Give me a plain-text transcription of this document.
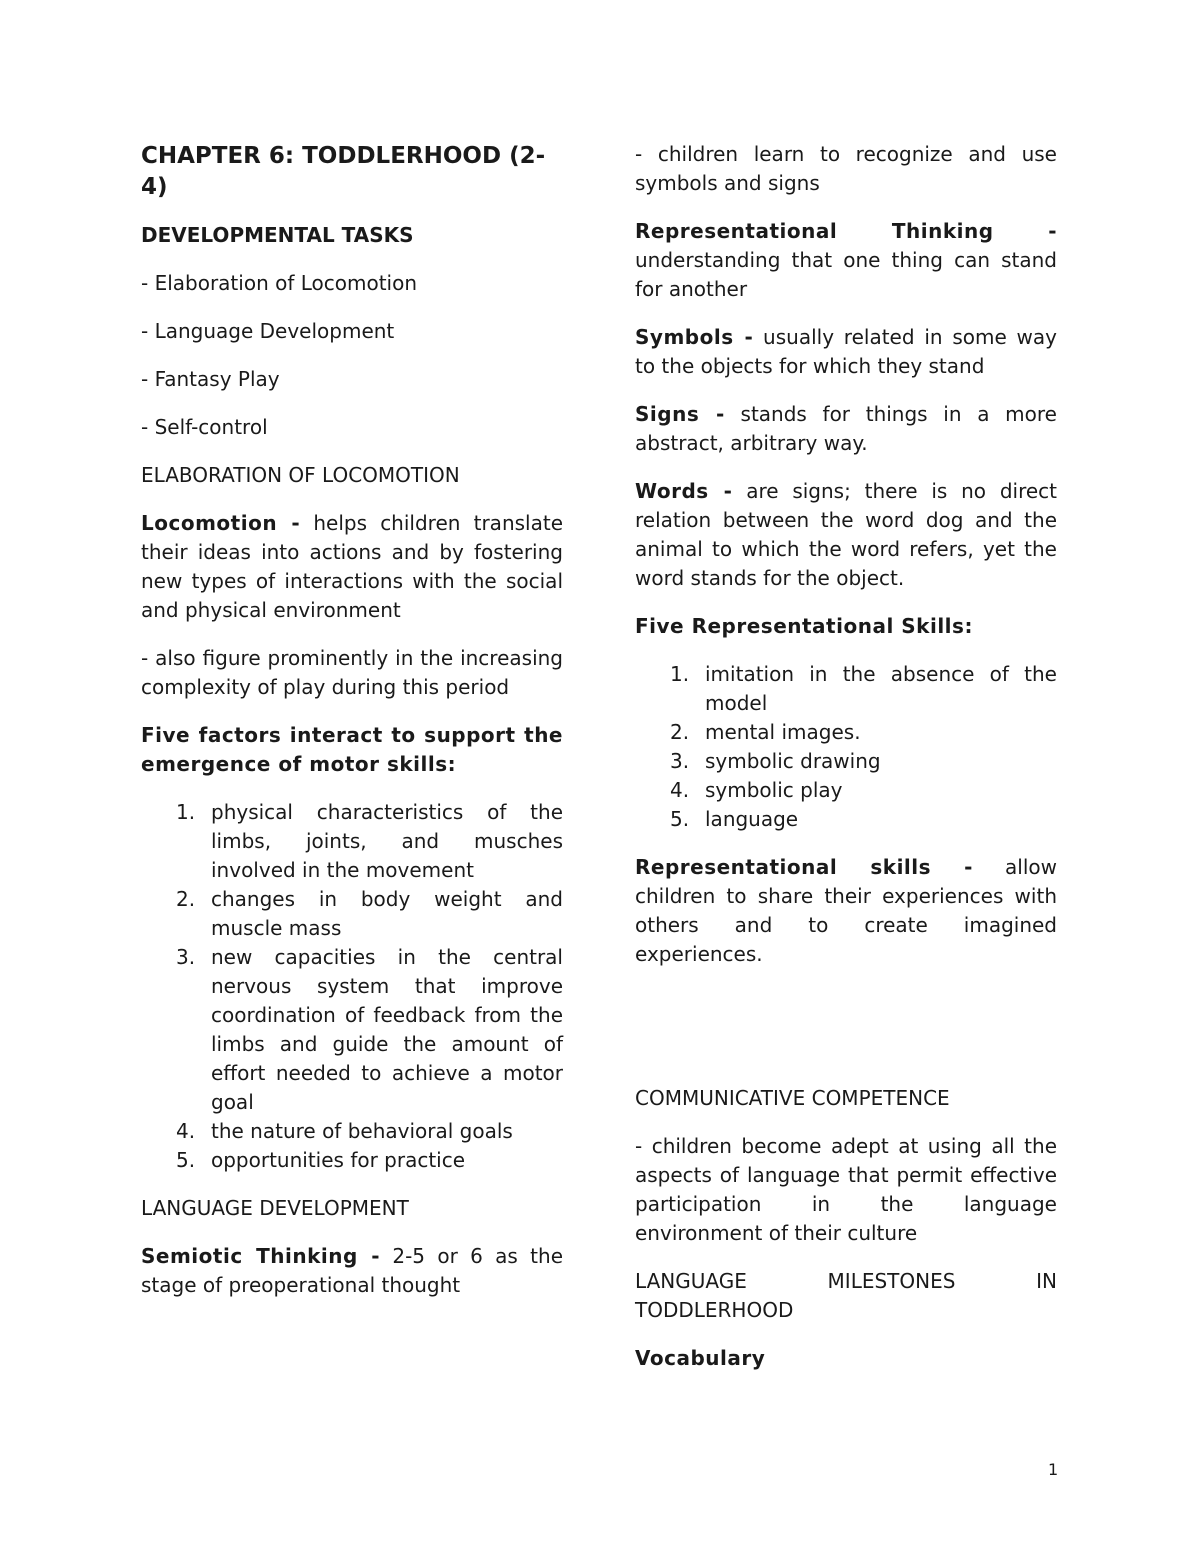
CHAPTER 6: TODDLERHOOD (2-4)
DEVELOPMENTAL TASKS

- Elaboration of Locomotion

- Language Development

- Fantasy Play

- Self-control

ELABORATION OF LOCOMOTION

Locomotion - helps children translate their ideas into actions and by fostering new types of interactions with the social and physical environment

- also figure prominently in the increasing complexity of play during this period

Five factors interact to support the emergence of motor skills:

1. physical characteristics of the limbs, joints, and musches involved in the movement
2. changes in body weight and muscle mass
3. new capacities in the central nervous system that improve coordination of feedback from the limbs and guide the amount of effort needed to achieve a motor goal
4. the nature of behavioral goals
5. opportunities for practice
LANGUAGE DEVELOPMENT

Semiotic Thinking - 2-5 or 6 as the stage of preoperational thought

- children learn to recognize and use symbols and signs

Representational Thinking - understanding that one thing can stand for another

Symbols - usually related in some way to the objects for which they stand

Signs - stands for things in a more abstract, arbitrary way.

Words - are signs; there is no direct relation between the word dog and the animal to which the word refers, yet the word stands for the object.

Five Representational Skills:

1. imitation in the absence of the model
2. mental images.
3. symbolic drawing
4. symbolic play
5. language

Representational skills - allow children to share their experiences with others and to create imagined experiences.

COMMUNICATIVE COMPETENCE

- children become adept at using all the aspects of language that permit effective participation in the language environment of their culture

LANGUAGE MILESTONES IN TODDLERHOOD

Vocabulary

1
